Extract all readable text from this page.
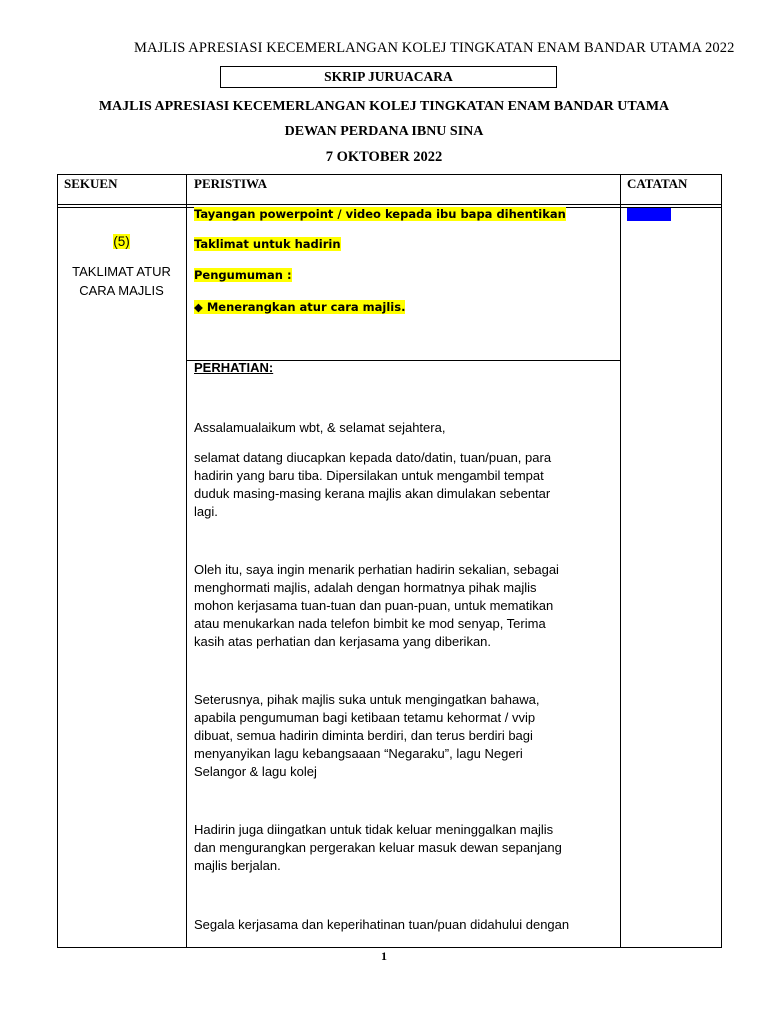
MAJLIS APRESIASI KECEMERLANGAN KOLEJ TINGKATAN ENAM BANDAR UTAMA 2022
SKRIP JURUACARA
MAJLIS APRESIASI KECEMERLANGAN KOLEJ TINGKATAN ENAM BANDAR UTAMA
DEWAN PERDANA IBNU SINA
7 OKTOBER 2022
SEKUEN	PERISTIWA	CATATAN
(5)
TAKLIMAT ATUR
CARA MAJLIS
Tayangan powerpoint / video kepada ibu bapa dihentikan
Taklimat untuk hadirin
Pengumuman :
◆ Menerangkan atur cara majlis.
PERHATIAN:
Assalamualaikum wbt, & selamat sejahtera,
selamat datang diucapkan kepada dato/datin, tuan/puan, para
hadirin yang baru tiba. Dipersilakan untuk mengambil tempat
duduk masing-masing kerana majlis akan dimulakan sebentar
lagi.
Oleh itu, saya ingin menarik perhatian hadirin sekalian, sebagai
menghormati majlis, adalah dengan hormatnya pihak majlis
mohon kerjasama tuan-tuan dan puan-puan, untuk mematikan
atau menukarkan nada telefon bimbit ke mod senyap, Terima
kasih atas perhatian dan kerjasama yang diberikan.
Seterusnya, pihak majlis suka untuk mengingatkan bahawa,
apabila pengumuman bagi ketibaan tetamu kehormat / vvip
dibuat, semua hadirin diminta berdiri, dan terus berdiri bagi
menyanyikan lagu kebangsaaan “Negaraku”, lagu Negeri
Selangor & lagu kolej
Hadirin juga diingatkan untuk tidak keluar meninggalkan majlis
dan mengurangkan pergerakan keluar masuk dewan sepanjang
majlis berjalan.
Segala kerjasama dan keperihatinan tuan/puan didahului dengan
1
